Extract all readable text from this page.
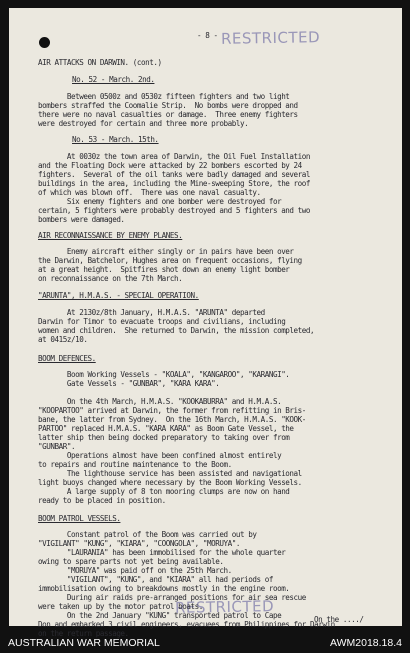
RESTRICTED
RESTRICTED

- 8 -

AIR ATTACKS ON DARWIN. (cont.)

No. 52 - March. 2nd.

Between 0500z and 0530z fifteen fighters and two light

bombers straffed the Coomalie Strip.  No bombs were dropped and

there were no naval casualties or damage.  Three enemy fighters

were destroyed for certain and three more probably.

No. 53 - March. 15th.

At 0030z the town area of Darwin, the Oil Fuel Installation

and the Floating Dock were attacked by 22 bombers escorted by 24

fighters.  Several of the oil tanks were badly damaged and several

buildings in the area, including the Mine-sweeping Store, the roof

of which was blown off.  There was one naval casualty.

Six enemy fighters and one bomber were destroyed for

certain, 5 fighters were probably destroyed and 5 fighters and two

bombers were damaged.

AIR RECONNAISSANCE BY ENEMY PLANES.

Enemy aircraft either singly or in pairs have been over

the Darwin, Batchelor, Hughes area on frequent occasions, flying

at a great height.  Spitfires shot down an enemy light bomber

on reconnaissance on the 7th March.

"ARUNTA", H.M.A.S. - SPECIAL OPERATION.

At 2130z/8th January, H.M.A.S. "ARUNTA" departed

Darwin for Timor to evacuate troops and civilians, including

women and children.  She returned to Darwin, the mission completed,

at 0415z/10.

BOOM DEFENCES.

Boom Working Vessels - "KOALA", "KANGAROO", "KARANGI".

Gate Vessels - "GUNBAR", "KARA KARA".

On the 4th March, H.M.A.S. "KOOKABURRA" and H.M.A.S.

"KOOPARTOO" arrived at Darwin, the former from refitting in Bris-

bane, the latter from Sydney.  On the 16th March, H.M.A.S. "KOOK-

PARTOO" replaced H.M.A.S. "KARA KARA" as Boom Gate Vessel, the

latter ship then being docked preparatory to taking over from

"GUNBAR".

Operations almost have been confined almost entirely

to repairs and routine maintenance to the Boom.

The lighthouse service has been assisted and navigational

light buoys changed where necessary by the Boom Working Vessels.

A large supply of 8 ton mooring clumps are now on hand

ready to be placed in position.

BOOM PATROL VESSELS.

Constant patrol of the Boom was carried out by

"VIGILANT" "KUNG", "KIARA", "COONGOLA", "MORUYA".

"LAURANIA" has been immobilised for the whole quarter

owing to spare parts not yet being available.

"MORUYA" was paid off on the 25th March.

"VIGILANT", "KUNG", and "KIARA" all had periods of

immobilisation owing to breakdowns mostly in the engine room.

During air raids pre-arranged positions for air sea rescue

were taken up by the motor patrol boats.

On the 2nd January "KUNG" transported patrol to Cape

Don and embarked 3 civil engineers, evacuees from Philippines for Darwin

on the return passage.

On the ..../

AUSTRALIAN WAR MEMORIAL	AWM2018.18.4
